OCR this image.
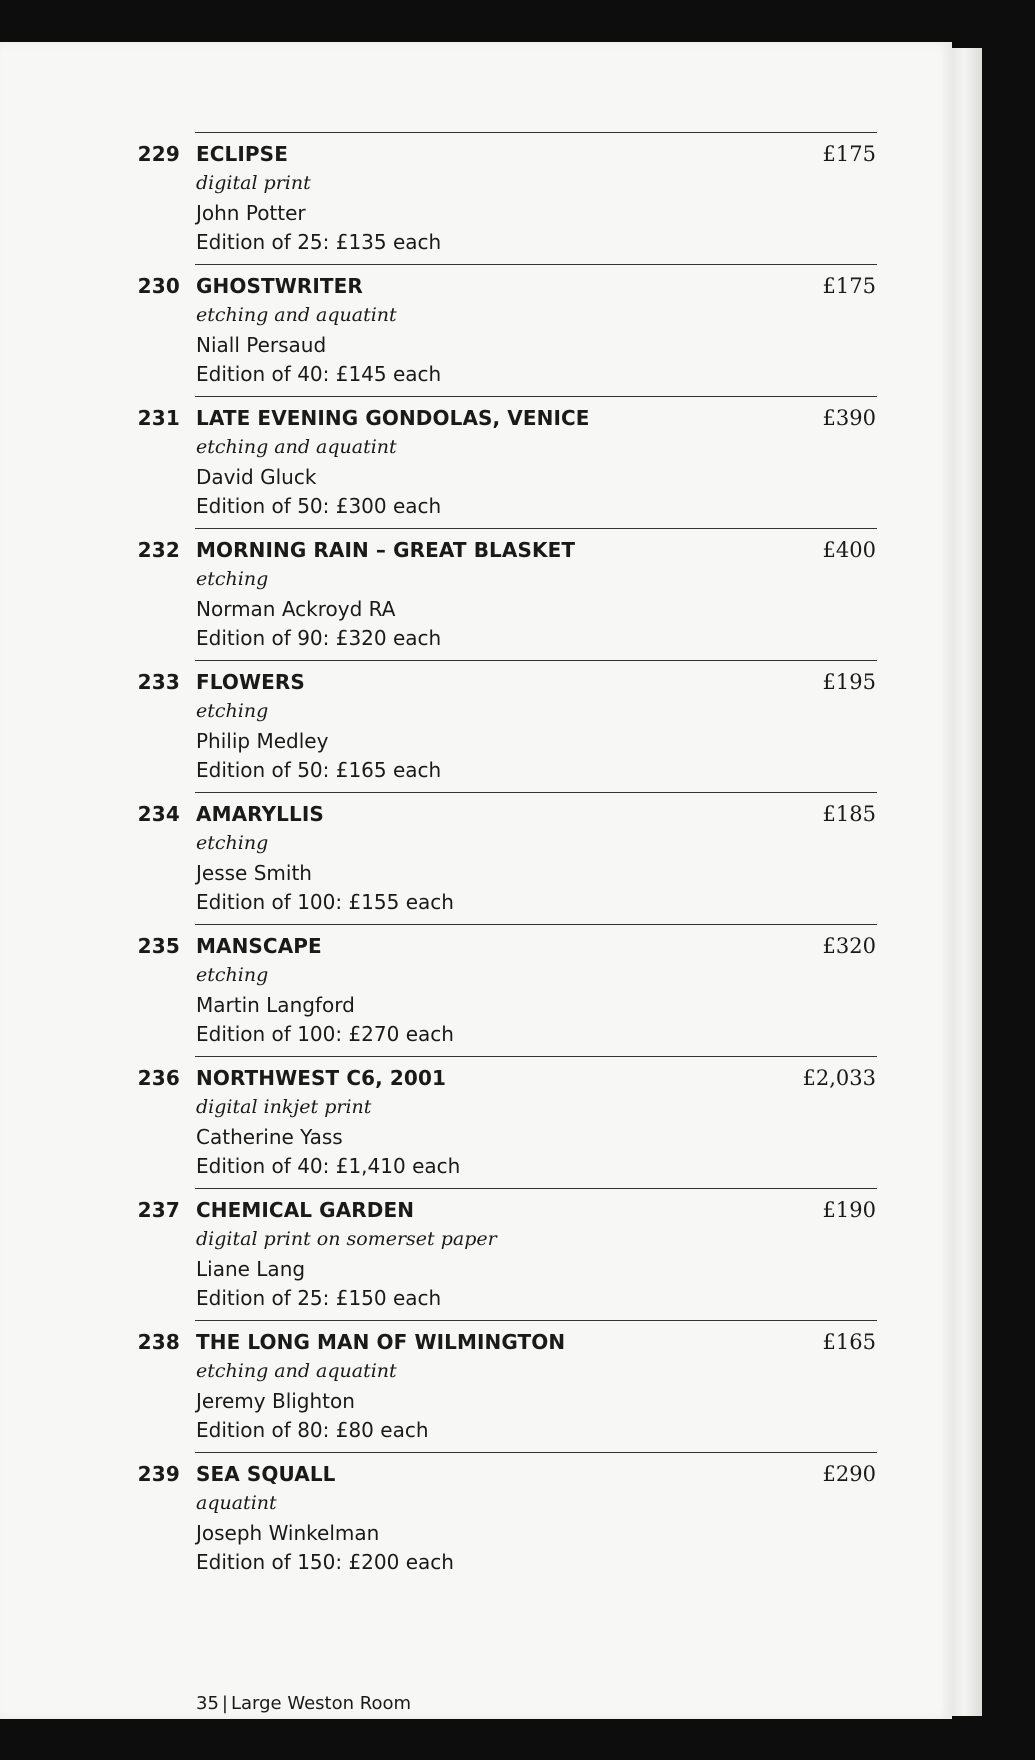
229 ECLIPSE
digital print
John Potter
Edition of 25: £135 each
£175
230 GHOSTWRITER
etching and aquatint
Niall Persaud
Edition of 40: £145 each
£175
231 LATE EVENING GONDOLAS, VENICE
etching and aquatint
David Gluck
Edition of 50: £300 each
£390
232 MORNING RAIN – GREAT BLASKET
etching
Norman Ackroyd RA
Edition of 90: £320 each
£400
233 FLOWERS
etching
Philip Medley
Edition of 50: £165 each
£195
234 AMARYLLIS
etching
Jesse Smith
Edition of 100: £155 each
£185
235 MANSCAPE
etching
Martin Langford
Edition of 100: £270 each
£320
236 NORTHWEST C6, 2001
digital inkjet print
Catherine Yass
Edition of 40: £1,410 each
£2,033
237 CHEMICAL GARDEN
digital print on somerset paper
Liane Lang
Edition of 25: £150 each
£190
238 THE LONG MAN OF WILMINGTON
etching and aquatint
Jeremy Blighton
Edition of 80: £80 each
£165
239 SEA SQUALL
aquatint
Joseph Winkelman
Edition of 150: £200 each
£290
35 | Large Weston Room
